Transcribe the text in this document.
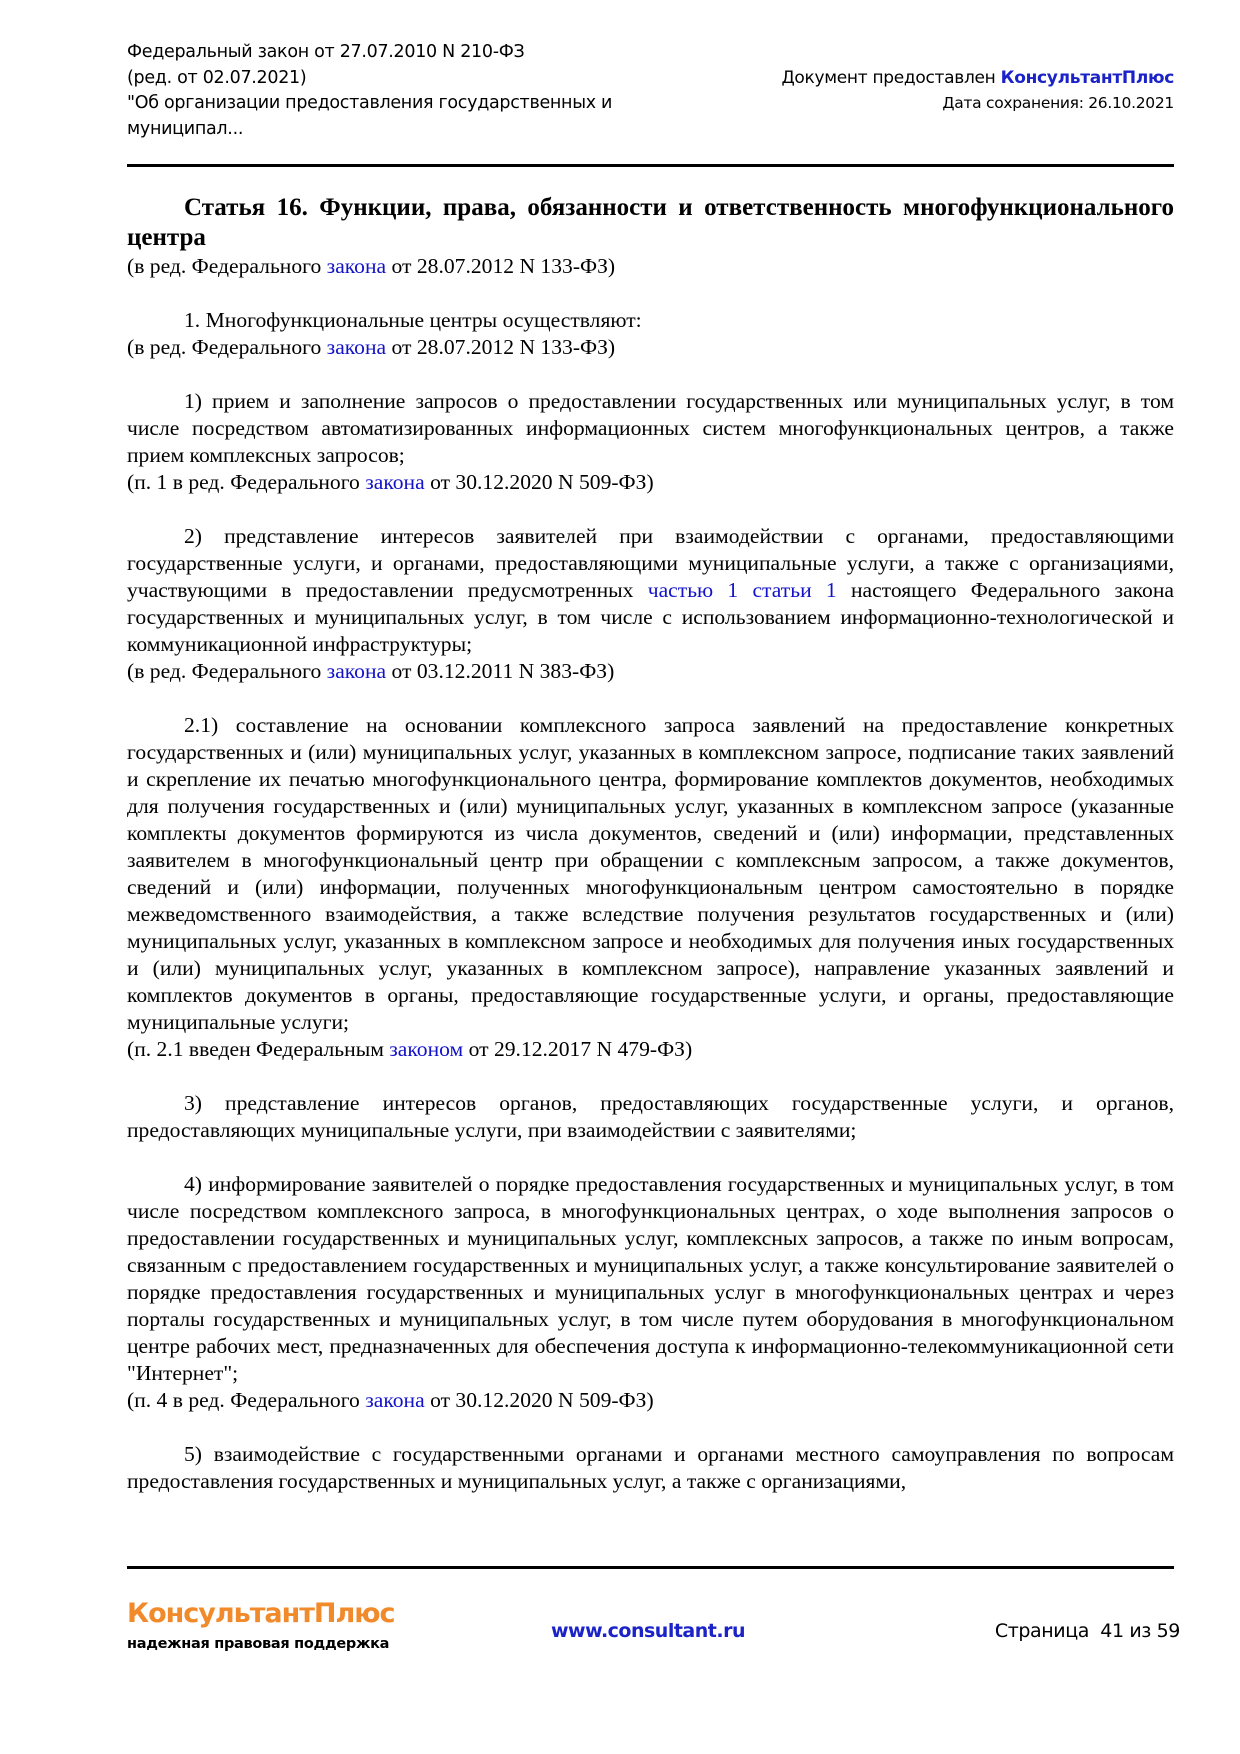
Федеральный закон от 27.07.2010 N 210-ФЗ
(ред. от 02.07.2021)
"Об организации предоставления государственных и
муниципал...
Документ предоставлен КонсультантПлюс
Дата сохранения: 26.10.2021
Статья 16. Функции, права, обязанности и ответственность многофункционального центра

(в ред. Федерального закона от 28.07.2012 N 133-ФЗ)

1. Многофункциональные центры осуществляют:

(в ред. Федерального закона от 28.07.2012 N 133-ФЗ)

1) прием и заполнение запросов о предоставлении государственных или муниципальных услуг, в том числе посредством автоматизированных информационных систем многофункциональных центров, а также прием комплексных запросов;

(п. 1 в ред. Федерального закона от 30.12.2020 N 509-ФЗ)

2) представление интересов заявителей при взаимодействии с органами, предоставляющими государственные услуги, и органами, предоставляющими муниципальные услуги, а также с организациями, участвующими в предоставлении предусмотренных частью 1 статьи 1 настоящего Федерального закона государственных и муниципальных услуг, в том числе с использованием информационно-технологической и коммуникационной инфраструктуры;

(в ред. Федерального закона от 03.12.2011 N 383-ФЗ)

2.1) составление на основании комплексного запроса заявлений на предоставление конкретных государственных и (или) муниципальных услуг, указанных в комплексном запросе, подписание таких заявлений и скрепление их печатью многофункционального центра, формирование комплектов документов, необходимых для получения государственных и (или) муниципальных услуг, указанных в комплексном запросе (указанные комплекты документов формируются из числа документов, сведений и (или) информации, представленных заявителем в многофункциональный центр при обращении с комплексным запросом, а также документов, сведений и (или) информации, полученных многофункциональным центром самостоятельно в порядке межведомственного взаимодействия, а также вследствие получения результатов государственных и (или) муниципальных услуг, указанных в комплексном запросе и необходимых для получения иных государственных и (или) муниципальных услуг, указанных в комплексном запросе), направление указанных заявлений и комплектов документов в органы, предоставляющие государственные услуги, и органы, предоставляющие муниципальные услуги;

(п. 2.1 введен Федеральным законом от 29.12.2017 N 479-ФЗ)

3) представление интересов органов, предоставляющих государственные услуги, и органов, предоставляющих муниципальные услуги, при взаимодействии с заявителями;

4) информирование заявителей о порядке предоставления государственных и муниципальных услуг, в том числе посредством комплексного запроса, в многофункциональных центрах, о ходе выполнения запросов о предоставлении государственных и муниципальных услуг, комплексных запросов, а также по иным вопросам, связанным с предоставлением государственных и муниципальных услуг, а также консультирование заявителей о порядке предоставления государственных и муниципальных услуг в многофункциональных центрах и через порталы государственных и муниципальных услуг, в том числе путем оборудования в многофункциональном центре рабочих мест, предназначенных для обеспечения доступа к информационно-телекоммуникационной сети "Интернет";

(п. 4 в ред. Федерального закона от 30.12.2020 N 509-ФЗ)

5) взаимодействие с государственными органами и органами местного самоуправления по вопросам предоставления государственных и муниципальных услуг, а также с организациями,

КонсультантПлюс
надежная правовая поддержка
www.consultant.ru	Страница  41 из 59
